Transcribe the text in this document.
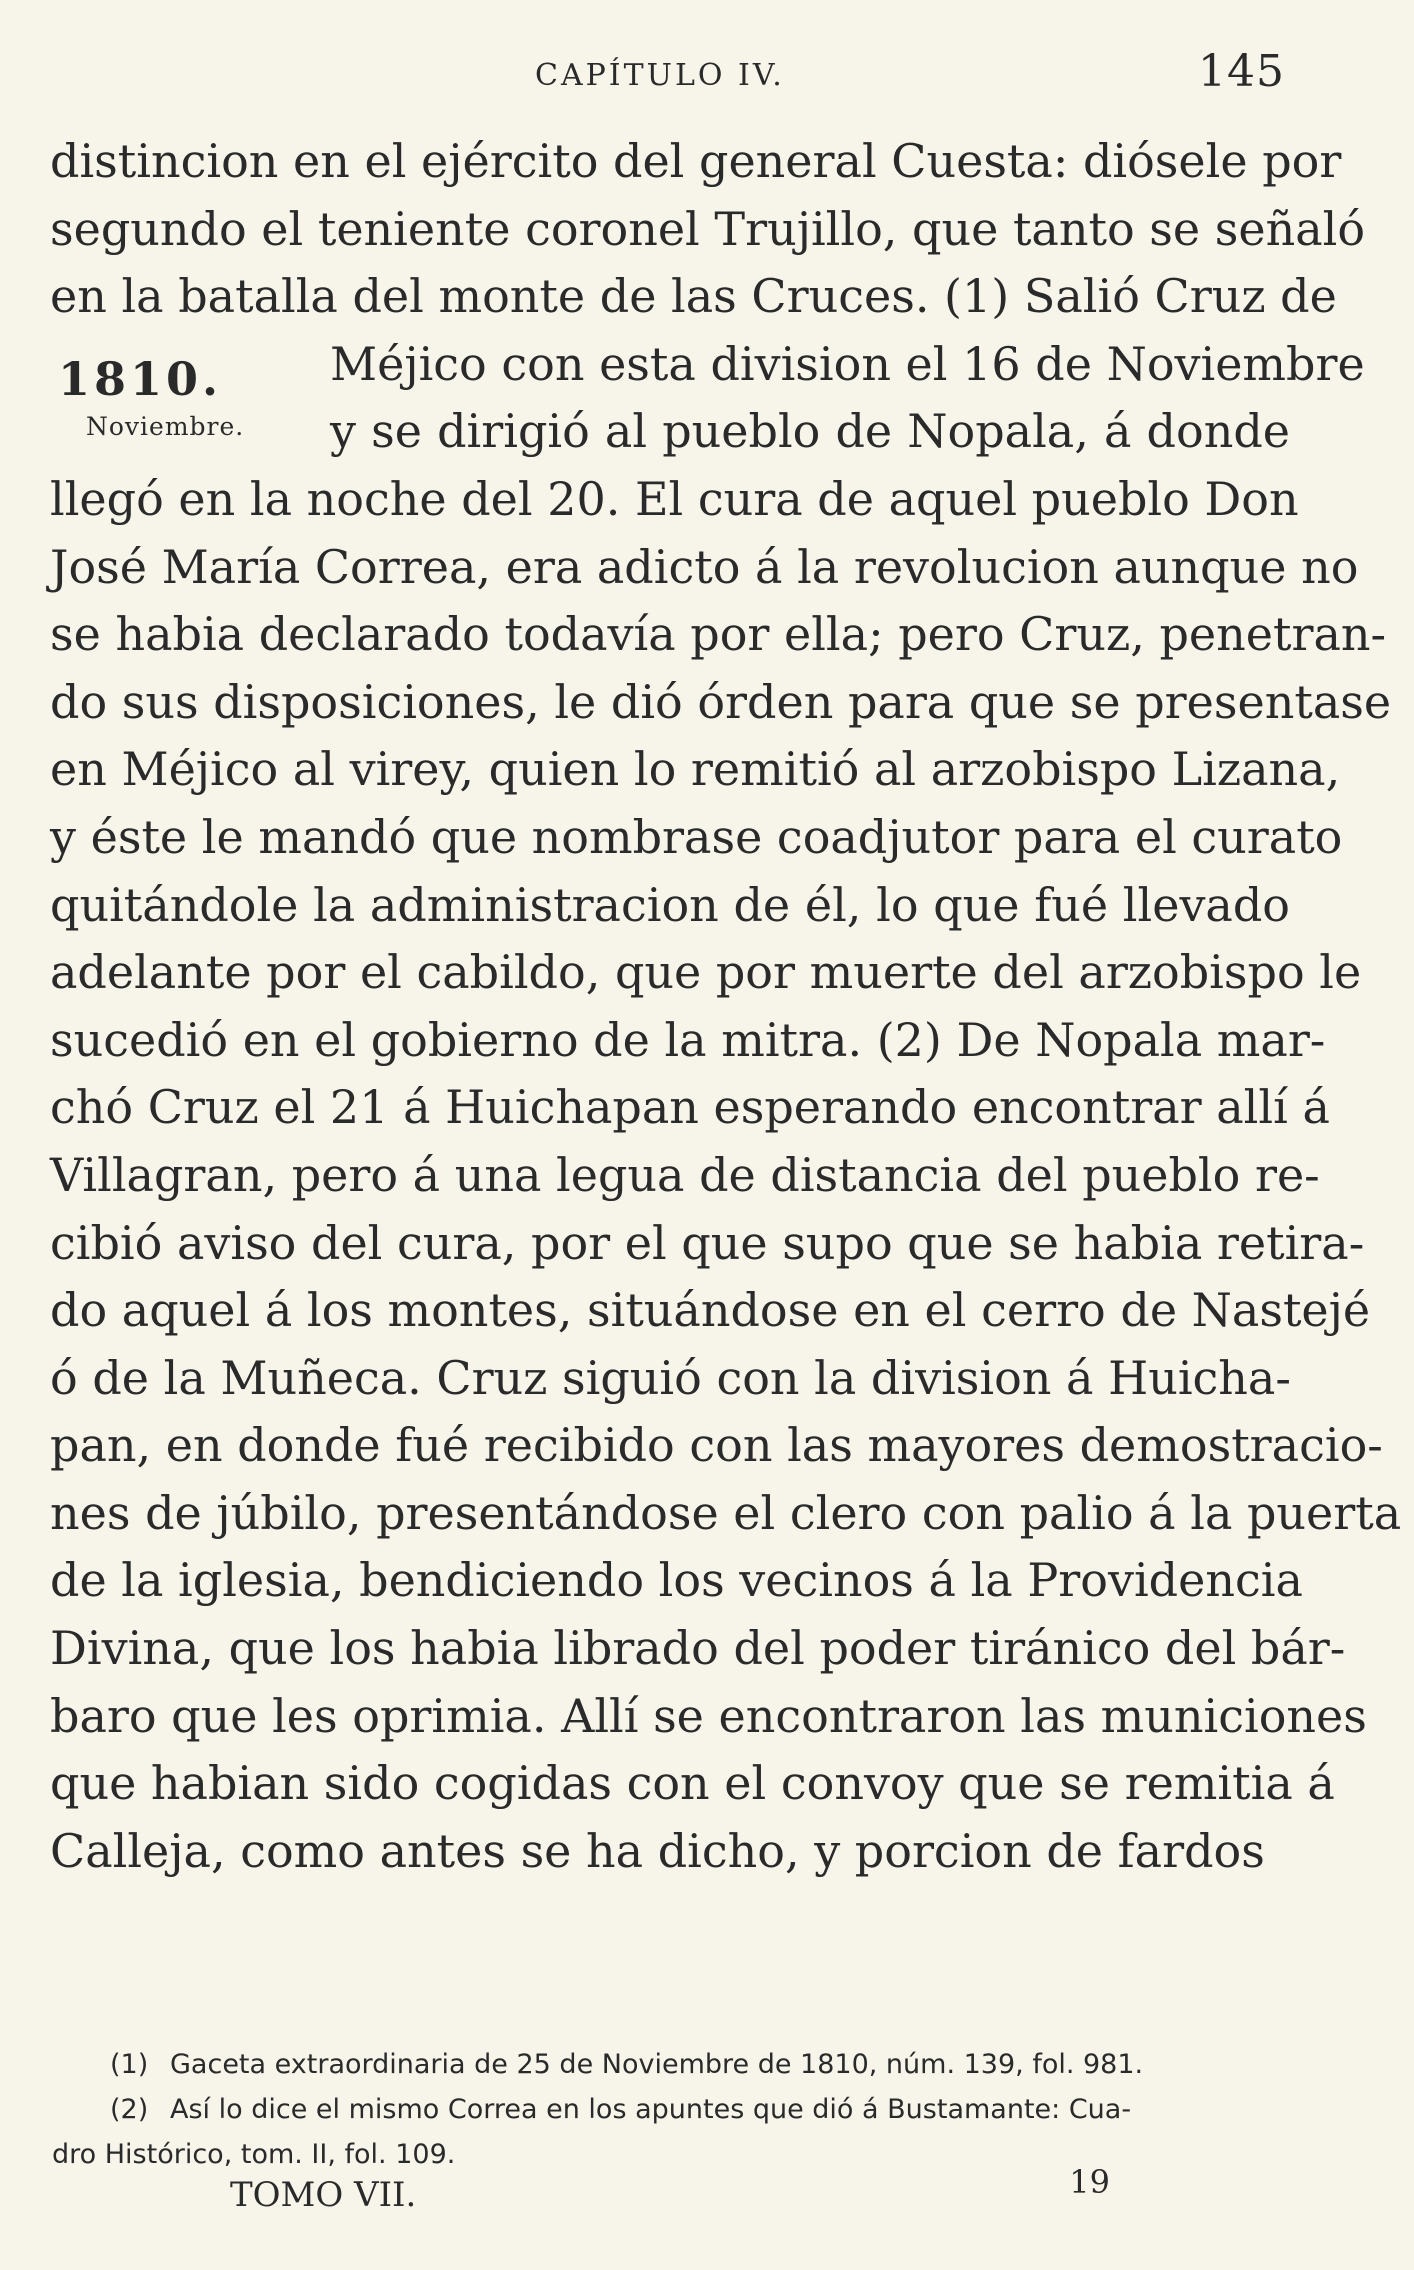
CAPÍTULO IV.	145
1810.
Noviembre.
distincion en el ejército del general Cuesta: diósele por
segundo el teniente coronel Trujillo, que tanto se señaló
en la batalla del monte de las Cruces. (1) Salió Cruz de
Méjico con esta division el 16 de Noviembre
y se dirigió al pueblo de Nopala, á donde
llegó en la noche del 20. El cura de aquel pueblo Don
José María Correa, era adicto á la revolucion aunque no
se habia declarado todavía por ella; pero Cruz, penetran-
do sus disposiciones, le dió órden para que se presentase
en Méjico al virey, quien lo remitió al arzobispo Lizana,
y éste le mandó que nombrase coadjutor para el curato
quitándole la administracion de él, lo que fué llevado
adelante por el cabildo, que por muerte del arzobispo le
sucedió en el gobierno de la mitra. (2) De Nopala mar-
chó Cruz el 21 á Huichapan esperando encontrar allí á
Villagran, pero á una legua de distancia del pueblo re-
cibió aviso del cura, por el que supo que se habia retira-
do aquel á los montes, situándose en el cerro de Nastejé
ó de la Muñeca. Cruz siguió con la division á Huicha-
pan, en donde fué recibido con las mayores demostracio-
nes de júbilo, presentándose el clero con palio á la puerta
de la iglesia, bendiciendo los vecinos á la Providencia
Divina, que los habia librado del poder tiránico del bár-
baro que les oprimia. Allí se encontraron las municiones
que habian sido cogidas con el convoy que se remitia á
Calleja, como antes se ha dicho, y porcion de fardos
(1) Gaceta extraordinaria de 25 de Noviembre de 1810, núm. 139, fol. 981.
(2) Así lo dice el mismo Correa en los apuntes que dió á Bustamante: Cua-
dro Histórico, tom. II, fol. 109.
TOMO VII.	19
